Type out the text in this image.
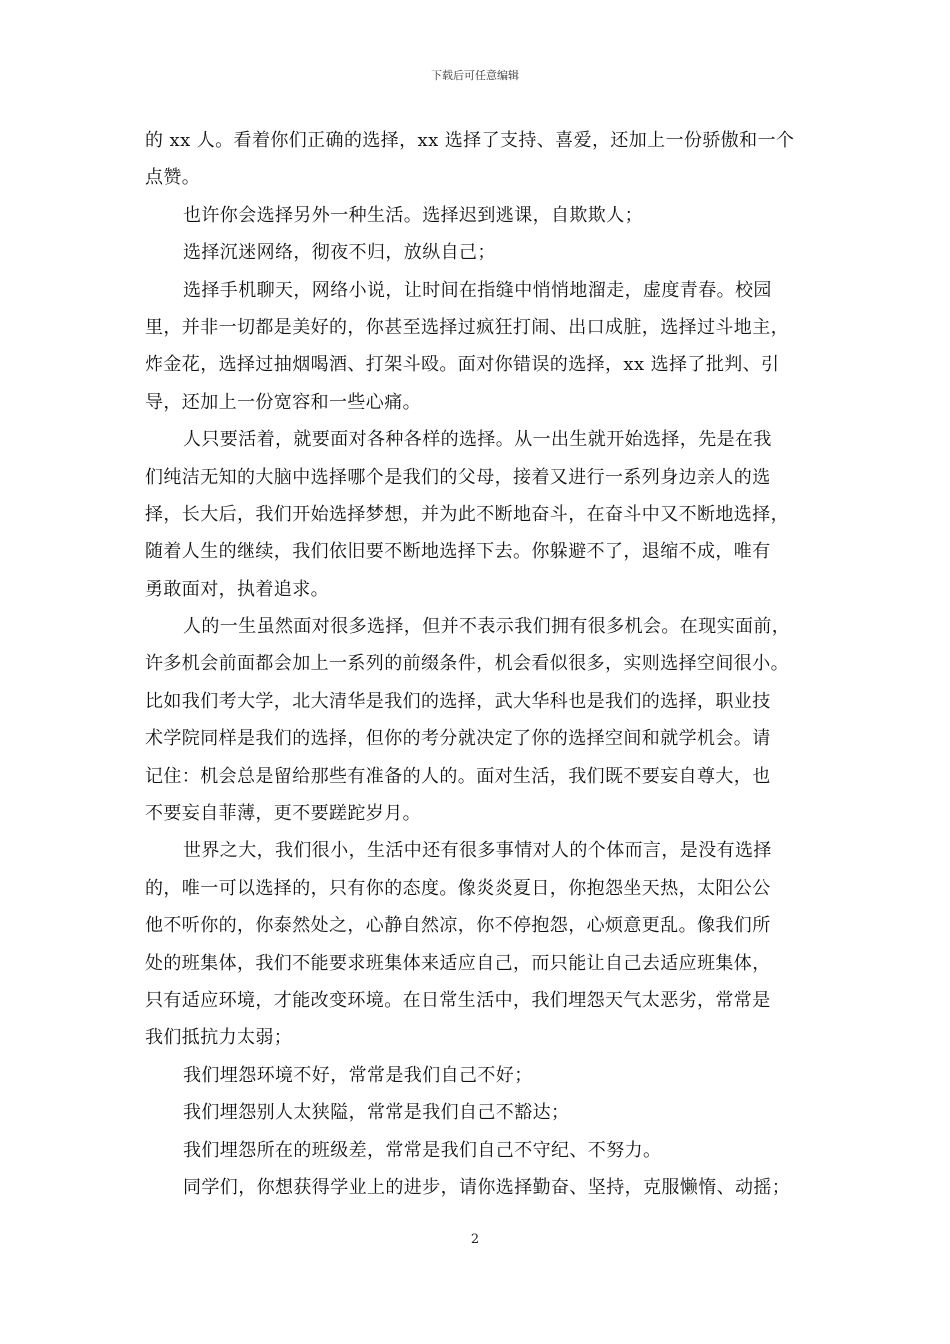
下载后可任意编辑
的 xx 人。看着你们正确的选择，xx 选择了支持、喜爱，还加上一份骄傲和一个
点赞。
也许你会选择另外一种生活。选择迟到逃课，自欺欺人；
选择沉迷网络，彻夜不归，放纵自己；
选择手机聊天，网络小说，让时间在指缝中悄悄地溜走，虚度青春。校园
里，并非一切都是美好的，你甚至选择过疯狂打闹、出口成脏，选择过斗地主，
炸金花，选择过抽烟喝酒、打架斗殴。面对你错误的选择，xx 选择了批判、引
导，还加上一份宽容和一些心痛。
人只要活着，就要面对各种各样的选择。从一出生就开始选择，先是在我
们纯洁无知的大脑中选择哪个是我们的父母，接着又进行一系列身边亲人的选
择，长大后，我们开始选择梦想，并为此不断地奋斗，在奋斗中又不断地选择，
随着人生的继续，我们依旧要不断地选择下去。你躲避不了，退缩不成，唯有
勇敢面对，执着追求。
人的一生虽然面对很多选择，但并不表示我们拥有很多机会。在现实面前，
许多机会前面都会加上一系列的前缀条件，机会看似很多，实则选择空间很小。
比如我们考大学，北大清华是我们的选择，武大华科也是我们的选择，职业技
术学院同样是我们的选择，但你的考分就决定了你的选择空间和就学机会。请
记住：机会总是留给那些有准备的人的。面对生活，我们既不要妄自尊大，也
不要妄自菲薄，更不要蹉跎岁月。
世界之大，我们很小，生活中还有很多事情对人的个体而言，是没有选择
的，唯一可以选择的，只有你的态度。像炎炎夏日，你抱怨坐天热，太阳公公
他不听你的，你泰然处之，心静自然凉，你不停抱怨，心烦意更乱。像我们所
处的班集体，我们不能要求班集体来适应自己，而只能让自己去适应班集体，
只有适应环境，才能改变环境。在日常生活中，我们埋怨天气太恶劣，常常是
我们抵抗力太弱；
我们埋怨环境不好，常常是我们自己不好；
我们埋怨别人太狭隘，常常是我们自己不豁达；
我们埋怨所在的班级差，常常是我们自己不守纪、不努力。
同学们，你想获得学业上的进步，请你选择勤奋、坚持，克服懒惰、动摇；
2
